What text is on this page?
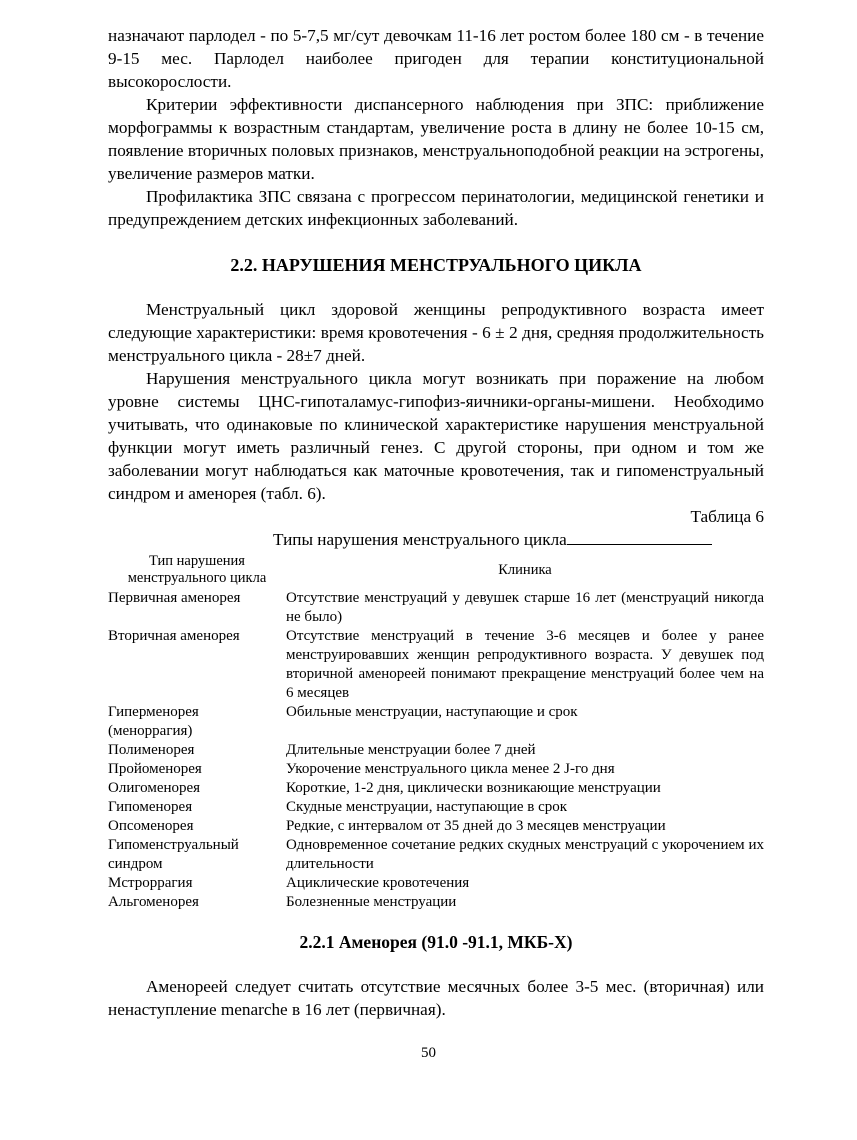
назначают парлодел - по 5-7,5 мг/сут девочкам 11-16 лет ростом более 180 см - в течение 9-15 мес. Парлодел наиболее пригоден для терапии конституциональной высокорослости.

Критерии эффективности диспансерного наблюдения при ЗПС: приближение морфограммы к возрастным стандартам, увеличение роста в длину не более 10-15 см, появление вторичных половых признаков, менструальноподобной реакции на эстрогены, увеличение размеров матки.

Профилактика ЗПС связана с прогрессом перинатологии, медицинской генетики и предупреждением детских инфекционных заболеваний.

2.2. НАРУШЕНИЯ МЕНСТРУАЛЬНОГО ЦИКЛА

Менструальный цикл здоровой женщины репродуктивного возраста имеет следующие характеристики: время кровотечения - 6 ± 2 дня, средняя продолжительность менструального цикла - 28±7 дней.

Нарушения менструального цикла могут возникать при поражение на любом уровне системы ЦНС-гипоталамус-гипофиз-яичники-органы-мишени. Необходимо учитывать, что одинаковые по клинической характеристике нарушения менструальной функции могут иметь различный генез. С другой стороны, при одном и том же заболевании могут наблюдаться как маточные кровотечения, так и гипоменструальный синдром и аменорея (табл. 6).

Таблица 6
Типы нарушения менструального цикла
Тип нарушения менструального цикла	Клиника
Первичная аменорея	Отсутствие менструаций у девушек старше 16 лет (менструаций никогда не было)
Вторичная аменорея	Отсутствие менструаций в течение 3-6 месяцев и более у ранее менструировавших женщин репродуктивного возраста. У девушек под вторичной аменореей понимают прекращение менструаций более чем на 6 месяцев
Гиперменорея (меноррагия)	Обильные менструации, наступающие и срок
Полименорея	Длительные менструации более 7 дней
Пройоменорея	Укорочение менструального цикла менее 2 J-го дня
Олигоменорея	Короткие, 1-2 дня, циклически возникающие менструации
Гипоменорея	Скудные менструации, наступающие в срок
Опсоменорея	Редкие, с интервалом от 35 дней до 3 месяцев менструации
Гипоменструальный синдром	Одновременное сочетание редких скудных менструаций с укорочением их длительности
Мстроррагия	Ациклические кровотечения
Альгоменорея	Болезненные менструации
2.2.1 Аменорея (91.0 -91.1, МКБ-Х)

Аменореей следует считать отсутствие месячных более 3-5 мес. (вторичная) или ненаступление menarche в 16 лет (первичная).

50
